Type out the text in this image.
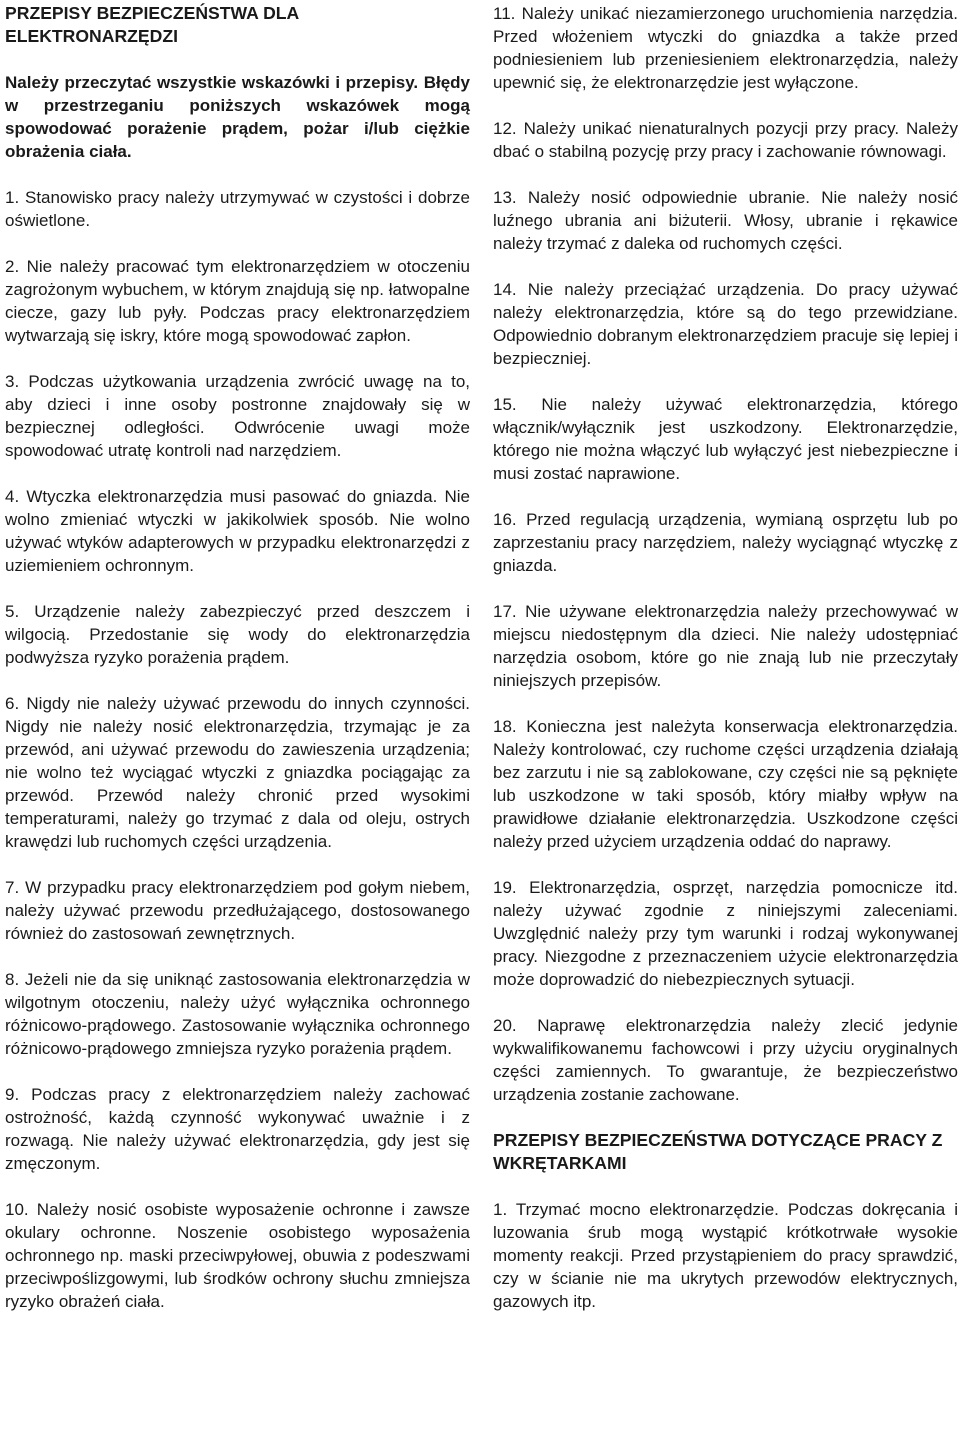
PRZEPISY BEZPIECZEŃSTWA DLA ELEKTRONARZĘDZI
Należy przeczytać wszystkie wskazówki i przepisy. Błędy w przestrzeganiu poniższych wskazówek mogą spowodować porażenie prądem, pożar i/lub ciężkie obrażenia ciała.
1. Stanowisko pracy należy utrzymywać w czystości i dobrze oświetlone.
2. Nie należy pracować tym elektronarzędziem w otoczeniu zagrożonym wybuchem, w którym znajdują się np. łatwopalne ciecze, gazy lub pyły. Podczas pracy elektronarzędziem wytwarzają się iskry, które mogą spowodować zapłon.
3. Podczas użytkowania urządzenia zwrócić uwagę na to, aby dzieci i inne osoby postronne znajdowały się w bezpiecznej odległości. Odwrócenie uwagi może spowodować utratę kontroli nad narzędziem.
4. Wtyczka elektronarzędzia musi pasować do gniazda. Nie wolno zmieniać wtyczki w jakikolwiek sposób. Nie wolno używać wtyków adapterowych w przypadku elektronarzędzi z uziemieniem ochronnym.
5. Urządzenie należy zabezpieczyć przed deszczem i wilgocią. Przedostanie się wody do elektronarzędzia podwyższa ryzyko porażenia prądem.
6. Nigdy nie należy używać przewodu do innych czynności. Nigdy nie należy nosić elektronarzędzia, trzymając je za przewód, ani używać przewodu do zawieszenia urządzenia; nie wolno też wyciągać wtyczki z gniazdka pociągając za przewód. Przewód należy chronić przed wysokimi temperaturami, należy go trzymać z dala od oleju, ostrych krawędzi lub ruchomych części urządzenia.
7. W przypadku pracy elektronarzędziem pod gołym niebem, należy używać przewodu przedłużającego, dostosowanego również do zastosowań zewnętrznych.
8. Jeżeli nie da się uniknąć zastosowania elektronarzędzia w wilgotnym otoczeniu, należy użyć wyłącznika ochronnego różnicowo-prądowego. Zastosowanie wyłącznika ochronnego różnicowo-prądowego zmniejsza ryzyko porażenia prądem.
9. Podczas pracy z elektronarzędziem należy zachować ostrożność, każdą czynność wykonywać uważnie i z rozwagą. Nie należy używać elektronarzędzia, gdy jest się zmęczonym.
10. Należy nosić osobiste wyposażenie ochronne i zawsze okulary ochronne. Noszenie osobistego wyposażenia ochronnego np. maski przeciwpyłowej, obuwia z podeszwami przeciwpoślizgowymi, lub środków ochrony słuchu zmniejsza ryzyko obrażeń ciała.
11. Należy unikać niezamierzonego uruchomienia narzędzia. Przed włożeniem wtyczki do gniazdka a także przed podniesieniem lub przeniesieniem elektronarzędzia, należy upewnić się, że elektronarzędzie jest wyłączone.
12. Należy unikać nienaturalnych pozycji przy pracy. Należy dbać o stabilną pozycję przy pracy i zachowanie równowagi.
13. Należy nosić odpowiednie ubranie. Nie należy nosić luźnego ubrania ani biżuterii. Włosy, ubranie i rękawice należy trzymać z daleka od ruchomych części.
14. Nie należy przeciążać urządzenia. Do pracy używać należy elektronarzędzia, które są do tego przewidziane. Odpowiednio dobranym elektronarzędziem pracuje się lepiej i bezpieczniej.
15. Nie należy używać elektronarzędzia, którego włącznik/wyłącznik jest uszkodzony. Elektronarzędzie, którego nie można włączyć lub wyłączyć jest niebezpieczne i musi zostać naprawione.
16. Przed regulacją urządzenia, wymianą osprzętu lub po zaprzestaniu pracy narzędziem, należy wyciągnąć wtyczkę z gniazda.
17. Nie używane elektronarzędzia należy przechowywać w miejscu niedostępnym dla dzieci. Nie należy udostępniać narzędzia osobom, które go nie znają lub nie przeczytały niniejszych przepisów.
18. Konieczna jest należyta konserwacja elektronarzędzia. Należy kontrolować, czy ruchome części urządzenia działają bez zarzutu i nie są zablokowane, czy części nie są pęknięte lub uszkodzone w taki sposób, który miałby wpływ na prawidłowe działanie elektronarzędzia. Uszkodzone części należy przed użyciem urządzenia oddać do naprawy.
19. Elektronarzędzia, osprzęt, narzędzia pomocnicze itd. należy używać zgodnie z niniejszymi zaleceniami. Uwzględnić należy przy tym warunki i rodzaj wykonywanej pracy. Niezgodne z przeznaczeniem użycie elektronarzędzia może doprowadzić do niebezpiecznych sytuacji.
20. Naprawę elektronarzędzia należy zlecić jedynie wykwalifikowanemu fachowcowi i przy użyciu oryginalnych części zamiennych. To gwarantuje, że bezpieczeństwo urządzenia zostanie zachowane.
PRZEPISY BEZPIECZEŃSTWA DOTYCZĄCE PRACY Z WKRĘTARKAMI
1. Trzymać mocno elektronarzędzie. Podczas dokręcania i luzowania śrub mogą wystąpić krótkotrwałe wysokie momenty reakcji. Przed przystąpieniem do pracy sprawdzić, czy w ścianie nie ma ukrytych przewodów elektrycznych, gazowych itp.
